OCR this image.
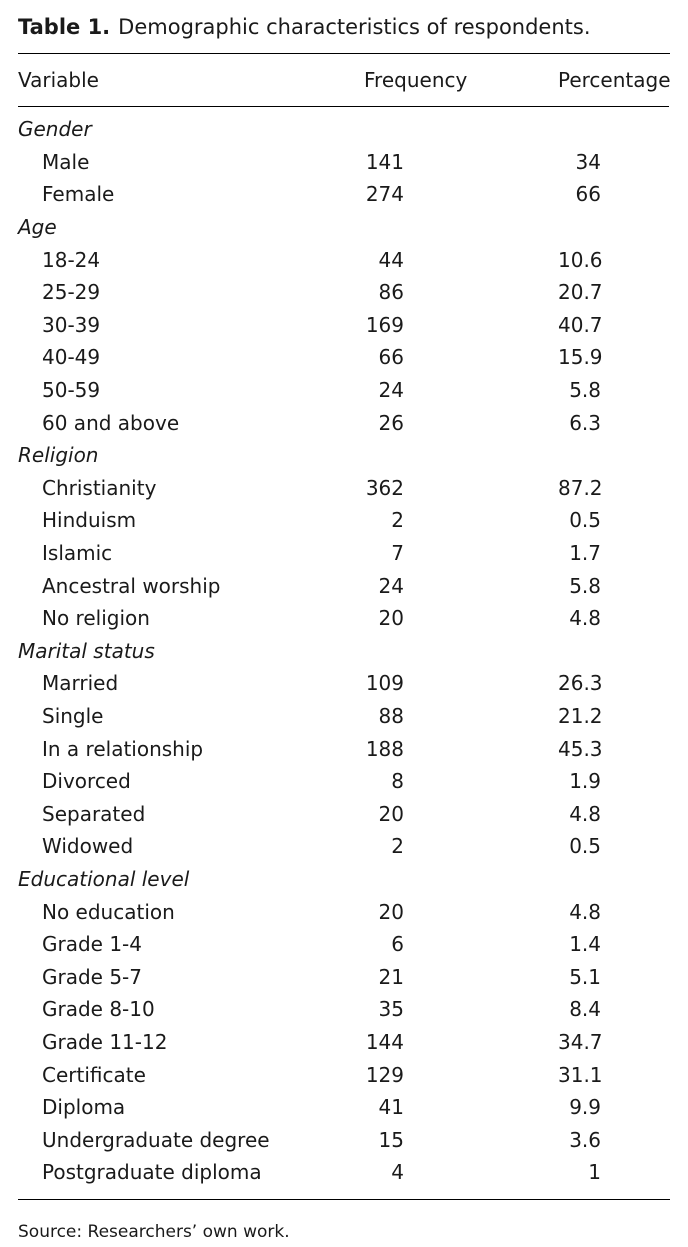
Table 1. Demographic characteristics of respondents.

Variable	Frequency	Percentage
Gender		
Male	141	34
Female	274	66
Age		
18-24	44	10.6
25-29	86	20.7
30-39	169	40.7
40-49	66	15.9
50-59	24	5.8
60 and above	26	6.3
Religion		
Christianity	362	87.2
Hinduism	2	0.5
Islamic	7	1.7
Ancestral worship	24	5.8
No religion	20	4.8
Marital status		
Married	109	26.3
Single	88	21.2
In a relationship	188	45.3
Divorced	8	1.9
Separated	20	4.8
Widowed	2	0.5
Educational level		
No education	20	4.8
Grade 1-4	6	1.4
Grade 5-7	21	5.1
Grade 8-10	35	8.4
Grade 11-12	144	34.7
Certificate	129	31.1
Diploma	41	9.9
Undergraduate degree	15	3.6
Postgraduate diploma	4	1
Source: Researchers’ own work.
